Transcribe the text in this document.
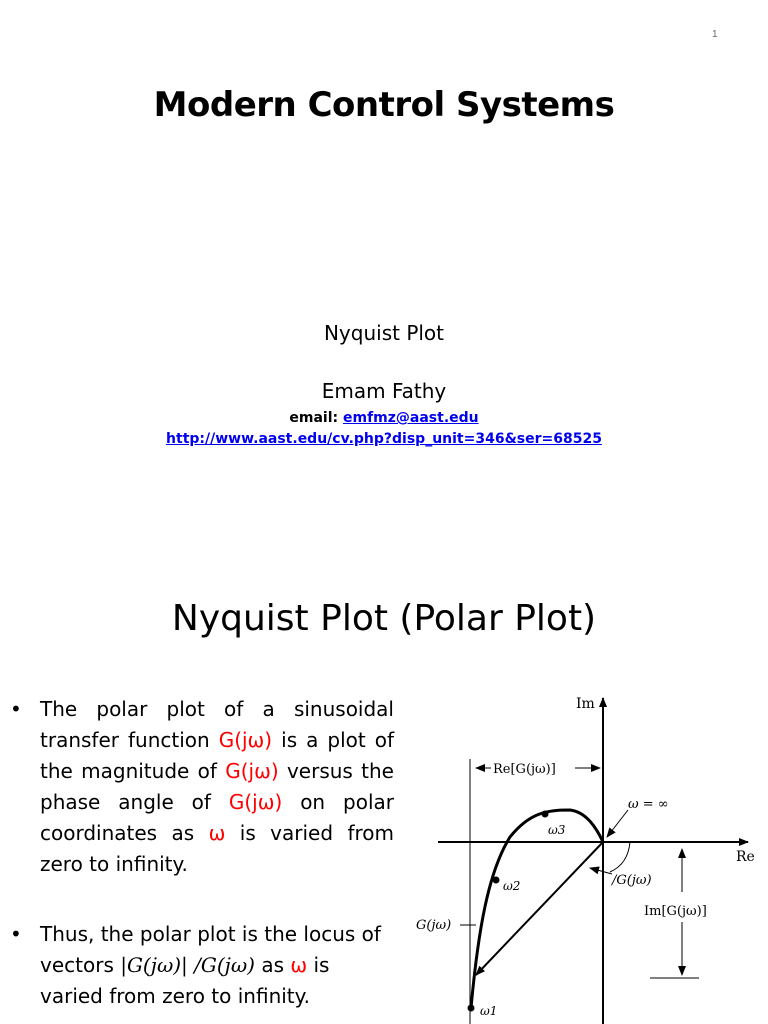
Modern Control Systems
Nyquist Plot
Emam Fathy
email: emfmz@aast.edu
http://www.aast.edu/cv.php?disp_unit=346&ser=68525
1
Nyquist Plot (Polar Plot)
• The polar plot of a sinusoidal transfer function G(jω) is a plot of the magnitude of G(jω) versus the phase angle of G(jω) on polar coordinates as ω is varied from zero to infinity.
• Thus, the polar plot is the locus of vectors |G(jω)| /G(jω) as ω is varied from zero to infinity.
Im
Re
Re[G(jω)]
Im[G(jω)]
ω = ∞
/G(jω)
G(jω)
ω1
ω2
ω3
